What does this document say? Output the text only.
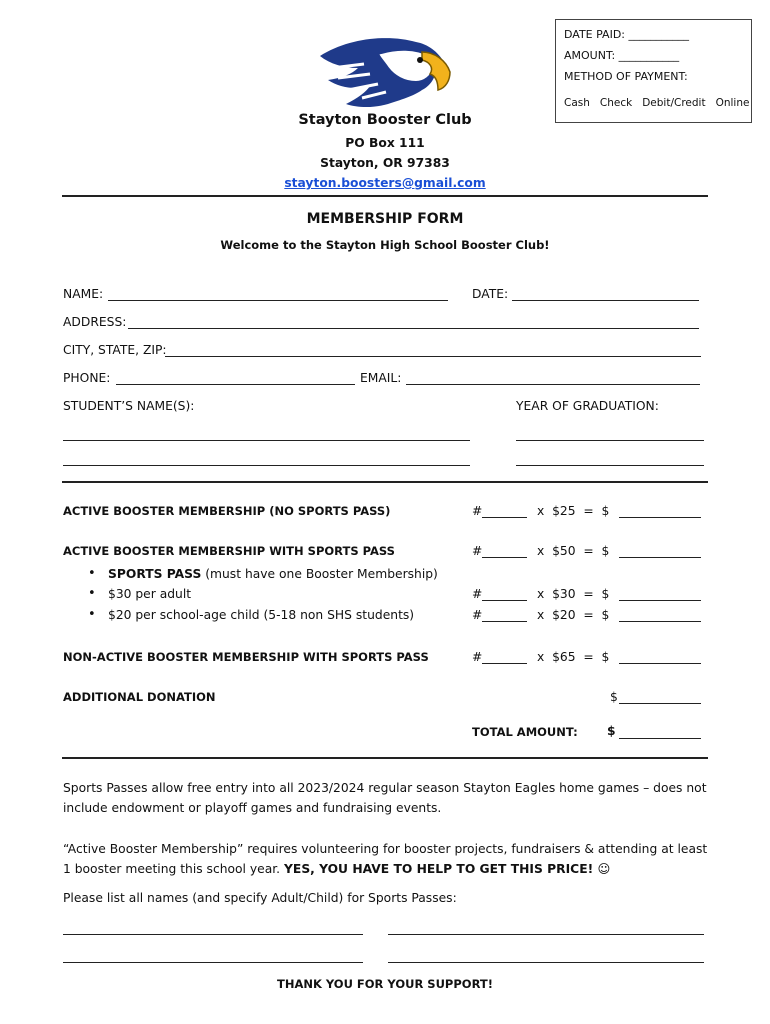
DATE PAID: ___________
AMOUNT: ___________
METHOD OF PAYMENT:
Cash   Check   Debit/Credit   Online
Stayton Booster Club
PO Box 111
Stayton, OR 97383
stayton.boosters@gmail.com
MEMBERSHIP FORM
Welcome to the Stayton High School Booster Club!
NAME:	DATE:
ADDRESS:
CITY, STATE, ZIP:
PHONE:	EMAIL:
STUDENT’S NAME(S):	YEAR OF GRADUATION:
ACTIVE BOOSTER MEMBERSHIP (NO SPORTS PASS)	#	x  $25  =  $
ACTIVE BOOSTER MEMBERSHIP WITH SPORTS PASS	#	x  $50  =  $
• SPORTS PASS (must have one Booster Membership)
• $30 per adult	#	x  $30  =  $
• $20 per school-age child (5-18 non SHS students)	#	x  $20  =  $
NON-ACTIVE BOOSTER MEMBERSHIP WITH SPORTS PASS	#	x  $65  =  $
ADDITIONAL DONATION	$
TOTAL AMOUNT: $
Sports Passes allow free entry into all 2023/2024 regular season Stayton Eagles home games – does not include endowment or playoff games and fundraising events.
“Active Booster Membership” requires volunteering for booster projects, fundraisers & attending at least 1 booster meeting this school year. YES, YOU HAVE TO HELP TO GET THIS PRICE! ☺
Please list all names (and specify Adult/Child) for Sports Passes:
THANK YOU FOR YOUR SUPPORT!
